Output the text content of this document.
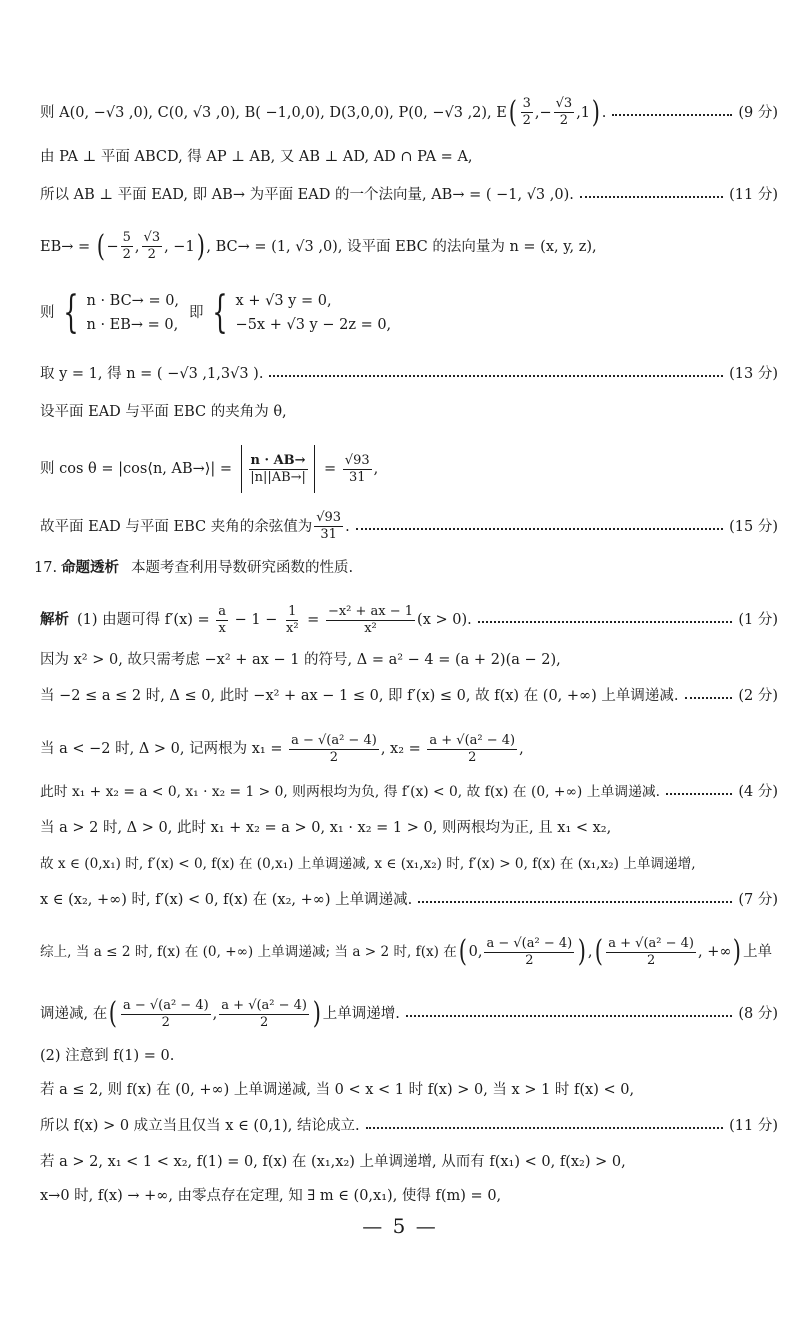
则 A(0, −√3 ,0), C(0, √3 ,0), B( −1,0,0), D(3,0,0), P(0, −√3 ,2), E ( $\frac{3}{2}$ ,− $\frac{√3}{2} ,1$ ) .	(9 分)
由 PA ⊥ 平面 ABCD, 得 AP ⊥ AB, 又 AB ⊥ AD, AD ∩ PA = A,
所以 AB ⊥ 平面 EAD, 即 AB→ 为平面 EAD 的一个法向量, AB→ = ( −1, √3 ,0).	(11 分)
EB→ = ( − $\frac{5}{2}$ , $\frac{√3}{2}$ , −1 ) , BC→ = (1, √3 ,0), 设平面 EBC 的法向量为 n = (x, y, z),
则 { n · BC→ = 0,
n · EB→ = 0,
即 { x + √3 y = 0,
−5x + √3 y − 2z = 0,
取 y = 1, 得 n = ( −√3 ,1,3√3 ).	(13 分)
设平面 EAD 与平面 EBC 的夹角为 θ,
则 cos θ = |cos⟨n, AB→⟩| = $\frac{n \cdot AB\to}{|n||AB\to|} = \frac{√93}{31}$ ,
故平面 EAD 与平面 EBC 夹角的余弦值为 $\frac{√93}{31}$ .	(15 分)
17. 命题透析 本题考查利用导数研究函数的性质.
解析 (1) 由题可得 $f'(x) = \frac{a}{x} - 1 - \frac{1}{\text{x²}} = \frac{\text{−x² + ax − 1}}{\text{x²}} (x > 0)$.	(1 分)
因为 x² > 0, 故只需考虑 −x² + ax − 1 的符号, Δ = a² − 4 = (a + 2)(a − 2),
当 −2 ≤ a ≤ 2 时, Δ ≤ 0, 此时 −x² + ax − 1 ≤ 0, 即 f′(x) ≤ 0, 故 f(x) 在 (0, +∞) 上单调递减.	(2 分)
当 a < −2 时, Δ > 0, 记两根为 $x_1 = \frac{\text{a − √(a² − 4)}}{2}$ , $x_2 = \frac{\text{a + √(a² − 4)}}{2}$ ,
此时 x₁ + x₂ = a < 0, x₁ · x₂ = 1 > 0, 则两根均为负, 得 f′(x) < 0, 故 f(x) 在 (0, +∞) 上单调递减.	(4 分)
当 a > 2 时, Δ > 0, 此时 x₁ + x₂ = a > 0, x₁ · x₂ = 1 > 0, 则两根均为正, 且 x₁ < x₂,
故 x ∈ (0,x₁) 时, f′(x) < 0, f(x) 在 (0,x₁) 上单调递减, x ∈ (x₁,x₂) 时, f′(x) > 0, f(x) 在 (x₁,x₂) 上单调递增,
x ∈ (x₂, +∞) 时, f′(x) < 0, f(x) 在 (x₂, +∞) 上单调递减.	(7 分)
综上, 当 a ≤ 2 时, f(x) 在 (0, +∞) 上单调递减; 当 a > 2 时, f(x) 在 ( 0, $\frac{\text{a − √(a² − 4)}}{2}$ ) , ( $\frac{\text{a + √(a² − 4)}}{2}$ , +∞ ) 上单
调递减, 在 ( $\frac{\text{a − √(a² − 4)}}{2}$ , $\frac{\text{a + √(a² − 4)}}{2}$ ) 上单调递增.	(8 分)
(2) 注意到 f(1) = 0.
若 a ≤ 2, 则 f(x) 在 (0, +∞) 上单调递减, 当 0 < x < 1 时 f(x) > 0, 当 x > 1 时 f(x) < 0,
所以 f(x) > 0 成立当且仅当 x ∈ (0,1), 结论成立.	(11 分)
若 a > 2, x₁ < 1 < x₂, f(1) = 0, f(x) 在 (x₁,x₂) 上单调递增, 从而有 f(x₁) < 0, f(x₂) > 0,
x→0 时, f(x) → +∞, 由零点存在定理, 知 ∃ m ∈ (0,x₁), 使得 f(m) = 0,
— 5 —
